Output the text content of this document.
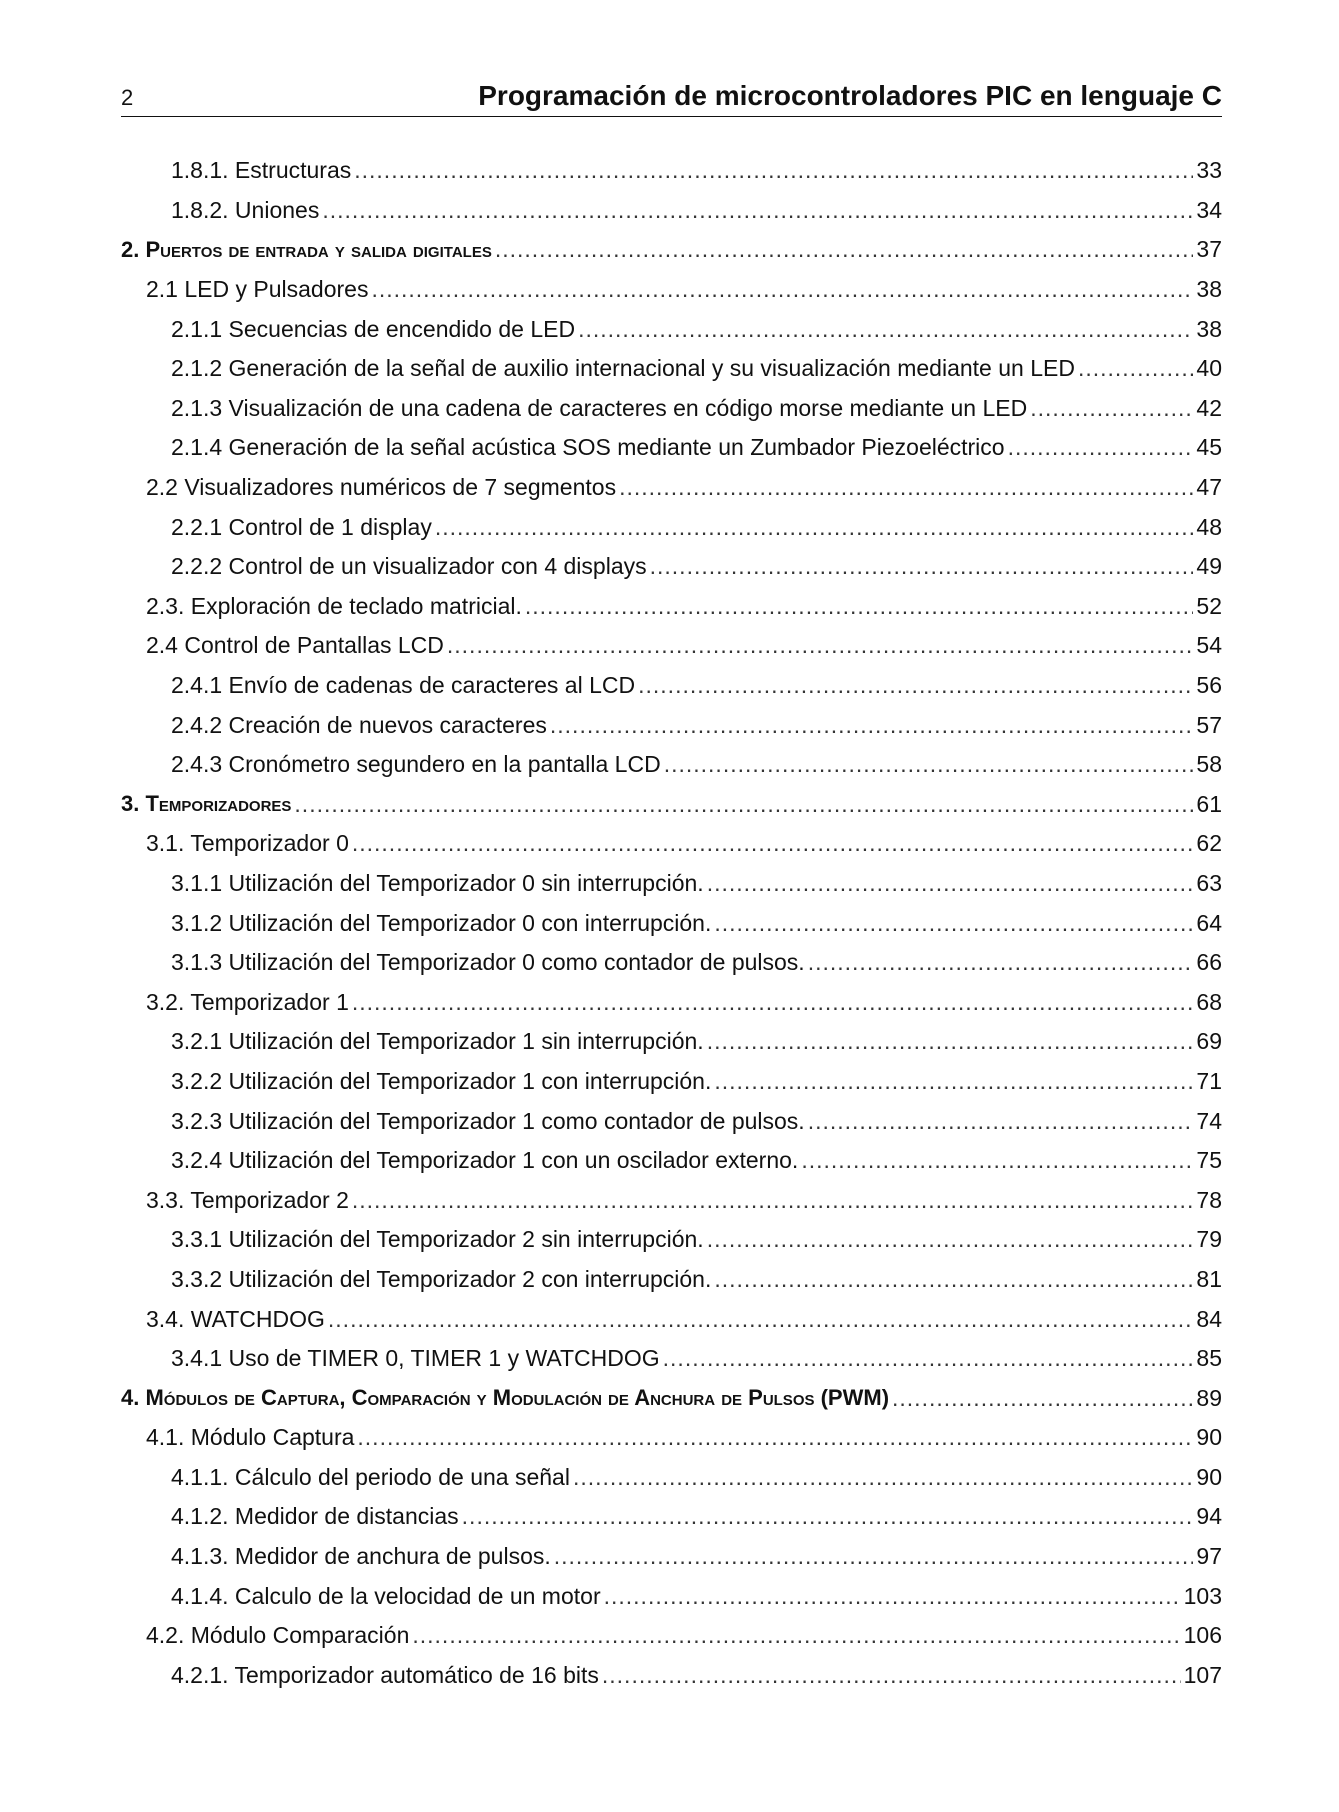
2	Programación de microcontroladores PIC en lenguaje C
1.8.1. Estructuras .....	33
1.8.2. Uniones .....	34
2. Puertos de entrada y salida digitales .....	37
2.1 LED y Pulsadores .....	38
2.1.1 Secuencias de encendido de LED .....	38
2.1.2 Generación de la señal de auxilio internacional y su visualización mediante un LED .....	40
2.1.3 Visualización de una cadena de caracteres en código morse mediante un LED .....	42
2.1.4 Generación de la señal acústica SOS mediante un Zumbador Piezoeléctrico .....	45
2.2 Visualizadores numéricos de 7 segmentos .....	47
2.2.1 Control de 1 display .....	48
2.2.2 Control de un visualizador con 4 displays .....	49
2.3. Exploración de teclado matricial. .....	52
2.4 Control de Pantallas LCD .....	54
2.4.1 Envío de cadenas de caracteres al LCD .....	56
2.4.2 Creación de nuevos caracteres .....	57
2.4.3 Cronómetro segundero en la pantalla LCD .....	58
3. Temporizadores .....	61
3.1. Temporizador 0 .....	62
3.1.1 Utilización del Temporizador 0 sin interrupción. .....	63
3.1.2 Utilización del Temporizador 0 con interrupción. .....	64
3.1.3 Utilización del Temporizador 0 como contador de pulsos. .....	66
3.2. Temporizador 1 .....	68
3.2.1 Utilización del Temporizador 1 sin interrupción. .....	69
3.2.2 Utilización del Temporizador 1 con interrupción. .....	71
3.2.3 Utilización del Temporizador 1 como contador de pulsos. .....	74
3.2.4 Utilización del Temporizador 1 con un oscilador externo. .....	75
3.3. Temporizador 2 .....	78
3.3.1 Utilización del Temporizador 2 sin interrupción. .....	79
3.3.2 Utilización del Temporizador 2 con interrupción. .....	81
3.4. WATCHDOG .....	84
3.4.1 Uso de TIMER 0, TIMER 1 y WATCHDOG .....	85
4. Módulos de Captura, Comparación y Modulación de Anchura de Pulsos (PWM) .....	89
4.1. Módulo Captura .....	90
4.1.1. Cálculo del periodo de una señal .....	90
4.1.2. Medidor de distancias .....	94
4.1.3. Medidor de anchura de pulsos. .....	97
4.1.4. Calculo de la velocidad de un motor .....	103
4.2. Módulo Comparación .....	106
4.2.1. Temporizador automático de 16 bits .....	107
